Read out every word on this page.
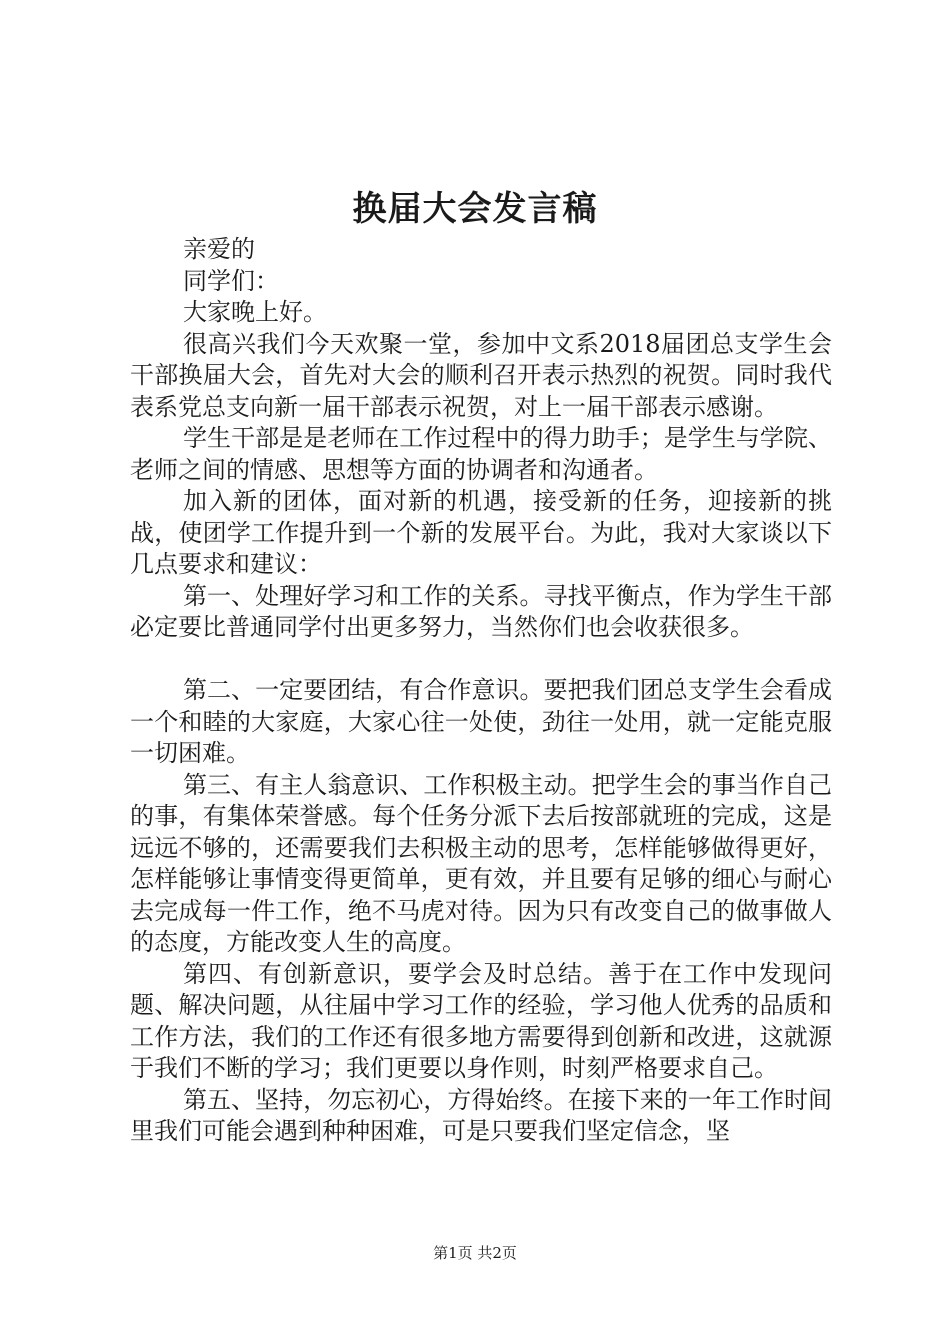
换届大会发言稿

亲爱的

同学们：

大家晚上好。

很高兴我们今天欢聚一堂，参加中文系2018届团总支学生会干部换届大会，首先对大会的顺利召开表示热烈的祝贺。同时我代表系党总支向新一届干部表示祝贺，对上一届干部表示感谢。

学生干部是是老师在工作过程中的得力助手；是学生与学院、老师之间的情感、思想等方面的协调者和沟通者。

加入新的团体，面对新的机遇，接受新的任务，迎接新的挑战，使团学工作提升到一个新的发展平台。为此，我对大家谈以下几点要求和建议：

第一、处理好学习和工作的关系。寻找平衡点，作为学生干部必定要比普通同学付出更多努力，当然你们也会收获很多。

第二、一定要团结，有合作意识。要把我们团总支学生会看成一个和睦的大家庭，大家心往一处使，劲往一处用，就一定能克服一切困难。

第三、有主人翁意识、工作积极主动。把学生会的事当作自己的事，有集体荣誉感。每个任务分派下去后按部就班的完成，这是远远不够的，还需要我们去积极主动的思考，怎样能够做得更好，怎样能够让事情变得更简单，更有效，并且要有足够的细心与耐心去完成每一件工作，绝不马虎对待。因为只有改变自己的做事做人的态度，方能改变人生的高度。

第四、有创新意识，要学会及时总结。善于在工作中发现问题、解决问题，从往届中学习工作的经验，学习他人优秀的品质和工作方法，我们的工作还有很多地方需要得到创新和改进，这就源于我们不断的学习；我们更要以身作则，时刻严格要求自己。

第五、坚持，勿忘初心，方得始终。在接下来的一年工作时间里我们可能会遇到种种困难，可是只要我们坚定信念，坚

第1页 共2页
